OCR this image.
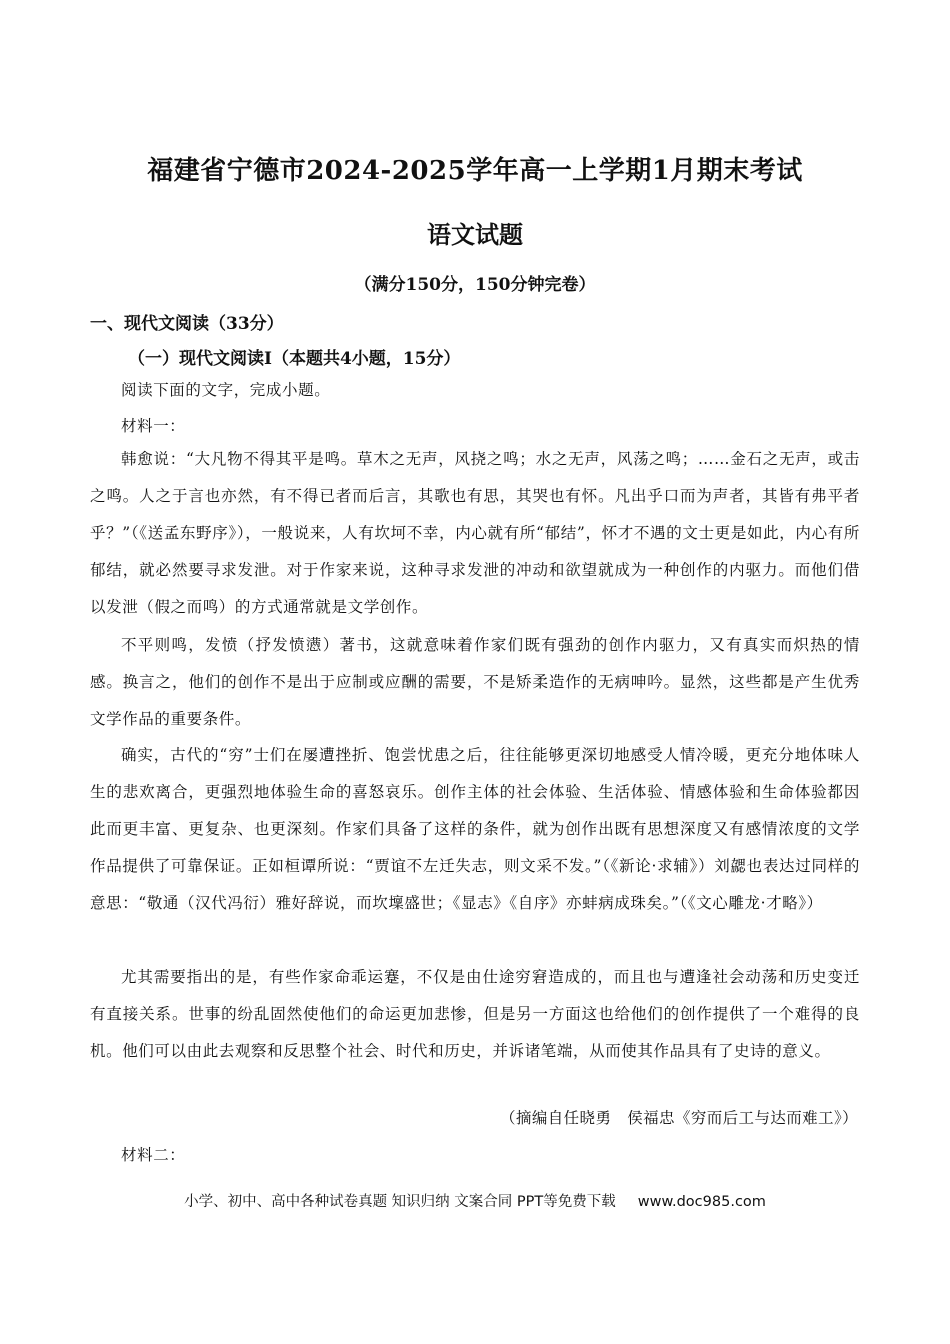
福建省宁德市2024-2025学年高一上学期1月期末考试
语文试题
（满分150分，150分钟完卷）
一、现代文阅读（33分）
（一）现代文阅读Ⅰ（本题共4小题，15分）
阅读下面的文字，完成小题。
材料一：
韩愈说：“大凡物不得其平是鸣。草木之无声，风挠之鸣；水之无声，风荡之鸣；……金石之无声，或击之鸣。人之于言也亦然，有不得已者而后言，其歌也有思，其哭也有怀。凡出乎口而为声者，其皆有弗平者乎？”（《送孟东野序》），一般说来，人有坎坷不幸，内心就有所“郁结”，怀才不遇的文士更是如此，内心有所郁结，就必然要寻求发泄。对于作家来说，这种寻求发泄的冲动和欲望就成为一种创作的内驱力。而他们借以发泄（假之而鸣）的方式通常就是文学创作。
不平则鸣，发愤（抒发愤懑）著书，这就意味着作家们既有强劲的创作内驱力，又有真实而炽热的情感。换言之，他们的创作不是出于应制或应酬的需要，不是矫柔造作的无病呻吟。显然，这些都是产生优秀文学作品的重要条件。
确实，古代的“穷”士们在屡遭挫折、饱尝忧患之后，往往能够更深切地感受人情冷暖，更充分地体味人生的悲欢离合，更强烈地体验生命的喜怒哀乐。创作主体的社会体验、生活体验、情感体验和生命体验都因此而更丰富、更复杂、也更深刻。作家们具备了这样的条件，就为创作出既有思想深度又有感情浓度的文学作品提供了可靠保证。正如桓谭所说：“贾谊不左迁失志，则文采不发。”（《新论·求辅》）刘勰也表达过同样的意思：“敬通（汉代冯衍）雅好辞说，而坎壈盛世；《显志》《自序》亦蚌病成珠矣。”（《文心雕龙·才略》）
尤其需要指出的是，有些作家命乖运蹇，不仅是由仕途穷窘造成的，而且也与遭逢社会动荡和历史变迁有直接关系。世事的纷乱固然使他们的命运更加悲惨，但是另一方面这也给他们的创作提供了一个难得的良机。他们可以由此去观察和反思整个社会、时代和历史，并诉诸笔端，从而使其作品具有了史诗的意义。
（摘编自任晓勇　侯福忠《穷而后工与达而难工》）
材料二：
小学、初中、高中各种试卷真题 知识归纳 文案合同 PPT等免费下载 www.doc985.com
